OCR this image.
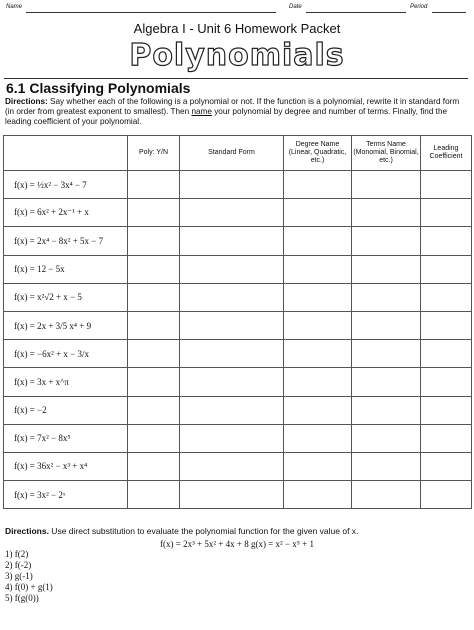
Name	Date	Period
Algebra I - Unit 6 Homework Packet
Polynomials
6.1 Classifying Polynomials
Directions: Say whether each of the following is a polynomial or not. If the function is a polynomial, rewrite it in standard form (in order from greatest exponent to smallest). Then name your polynomial by degree and number of terms. Finally, find the leading coefficient of your polynomial.
	Poly: Y/N	Standard Form	Degree Name (Linear, Quadratic, etc.)	Terms Name (Monomial, Binomial, etc.)	Leading Coefficient
f(x) = ½x² − 3x⁴ − 7					
f(x) = 6x² + 2x⁻¹ + x					
f(x) = 2x⁴ − 8x² + 5x − 7					
f(x) = 12 − 5x					
f(x) = x²√2 + x − 5					
f(x) = 2x + 3/5 x⁴ + 9					
f(x) = −6x² + x − 3/x					
f(x) = 3x + x^π					
f(x) = −2					
f(x) = 7x² − 8x⁵					
f(x) = 36x² − x³ + x⁴					
f(x) = 3x² − 2ˣ					
Directions. Use direct substitution to evaluate the polynomial function for the given value of x.
f(x) = 2x³ + 5x² + 4x + 8 g(x) = x² − x⁵ + 1
1) f(2)
2) f(-2)
3) g(-1)
4) f(0) + g(1)
5) f(g(0))
